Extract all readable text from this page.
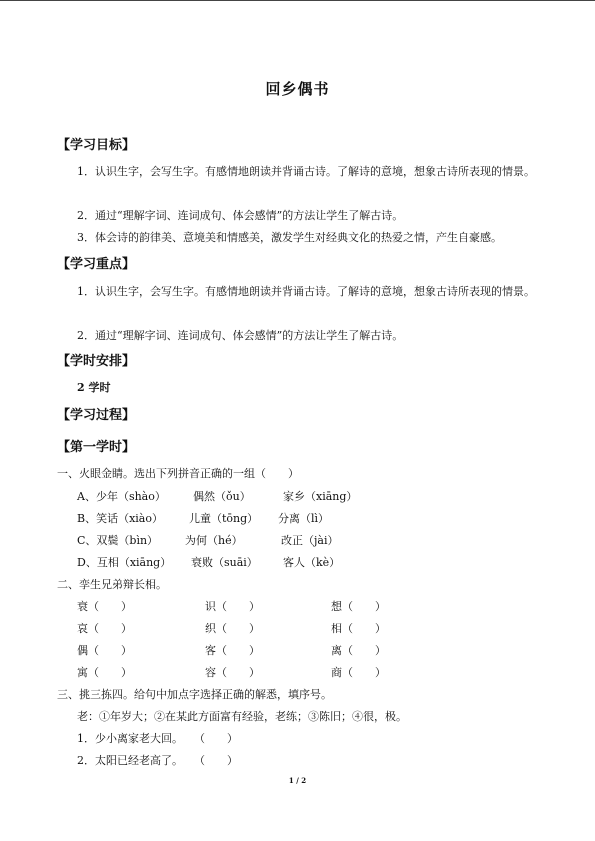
回乡偶书
【学习目标】

1．认识生字，会写生字。有感情地朗读并背诵古诗。了解诗的意境，想象古诗所表现的情景。

2．通过“理解字词、连词成句、体会感情”的方法让学生了解古诗。

3．体会诗的韵律美、意境美和情感美，激发学生对经典文化的热爱之情，产生自豪感。

【学习重点】

1．认识生字，会写生字。有感情地朗读并背诵古诗。了解诗的意境，想象古诗所表现的情景。

2．通过“理解字词、连词成句、体会感情”的方法让学生了解古诗。

【学时安排】
2 学时
【学习过程】
【第一学时】
一、火眼金睛。选出下列拼音正确的一组（　　）
A、少年（shào） 偶然（ǒu）	家乡（xiāng）
B、笑话（xiào） 儿童（tōng） 分离（lì）
C、双鬓（bìn） 为何（hé）	改正（jài）
D、互相（xiāng） 衰败（suāi） 客人（kè）
二、孪生兄弟辩长相。
衰（　　）	识（　　）	想（　　）
哀（　　）	织（　　）	相（　　）
偶（　　）	客（　　）	离（　　）
寓（　　）	容（　　）	商（　　）
三、挑三拣四。给句中加点字选择正确的解悉，填序号。
老：①年岁大；②在某此方面富有经验，老练；③陈旧；④很，极。
1．少小离家老大回。　　（　　）
2．太阳已经老高了。　　（　　）
1 / 2
